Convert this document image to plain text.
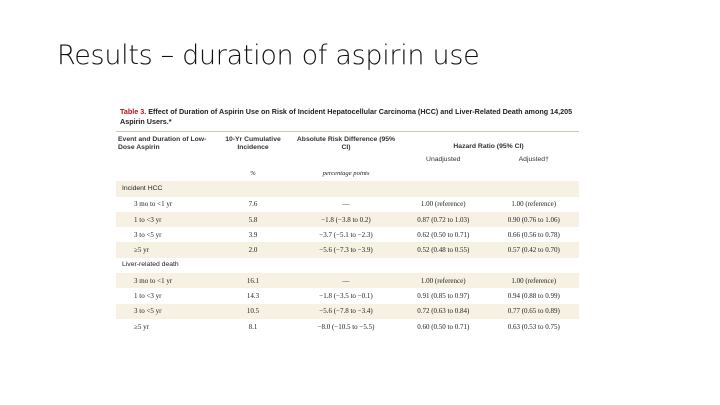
Results – duration of aspirin use

Table 3. Effect of Duration of Aspirin Use on Risk of Incident Hepatocellular Carcinoma (HCC) and Liver-Related Death among 14,205 Aspirin Users.*

Event and Duration of Low-Dose Aspirin	10-Yr Cumulative Incidence	Absolute Risk Difference (95% CI)	Hazard Ratio (95% CI)	
			Unadjusted	Adjusted†
	%	percentage points		
Incident HCC				
3 mo to <1 yr	7.6	—	1.00 (reference)	1.00 (reference)
1 to <3 yr	5.8	−1.8 (−3.8 to 0.2)	0.87 (0.72 to 1.03)	0.90 (0.76 to 1.06)
3 to <5 yr	3.9	−3.7 (−5.1 to −2.3)	0.62 (0.50 to 0.71)	0.66 (0.56 to 0.78)
≥5 yr	2.0	−5.6 (−7.3 to −3.9)	0.52 (0.48 to 0.55)	0.57 (0.42 to 0.70)
Liver-related death				
3 mo to <1 yr	16.1	—	1.00 (reference)	1.00 (reference)
1 to <3 yr	14.3	−1.8 (−3.5 to −0.1)	0.91 (0.85 to 0.97)	0.94 (0.88 to 0.99)
3 to <5 yr	10.5	−5.6 (−7.8 to −3.4)	0.72 (0.63 to 0.84)	0.77 (0.65 to 0.89)
≥5 yr	8.1	−8.0 (−10.5 to −5.5)	0.60 (0.50 to 0.71)	0.63 (0.53 to 0.75)
